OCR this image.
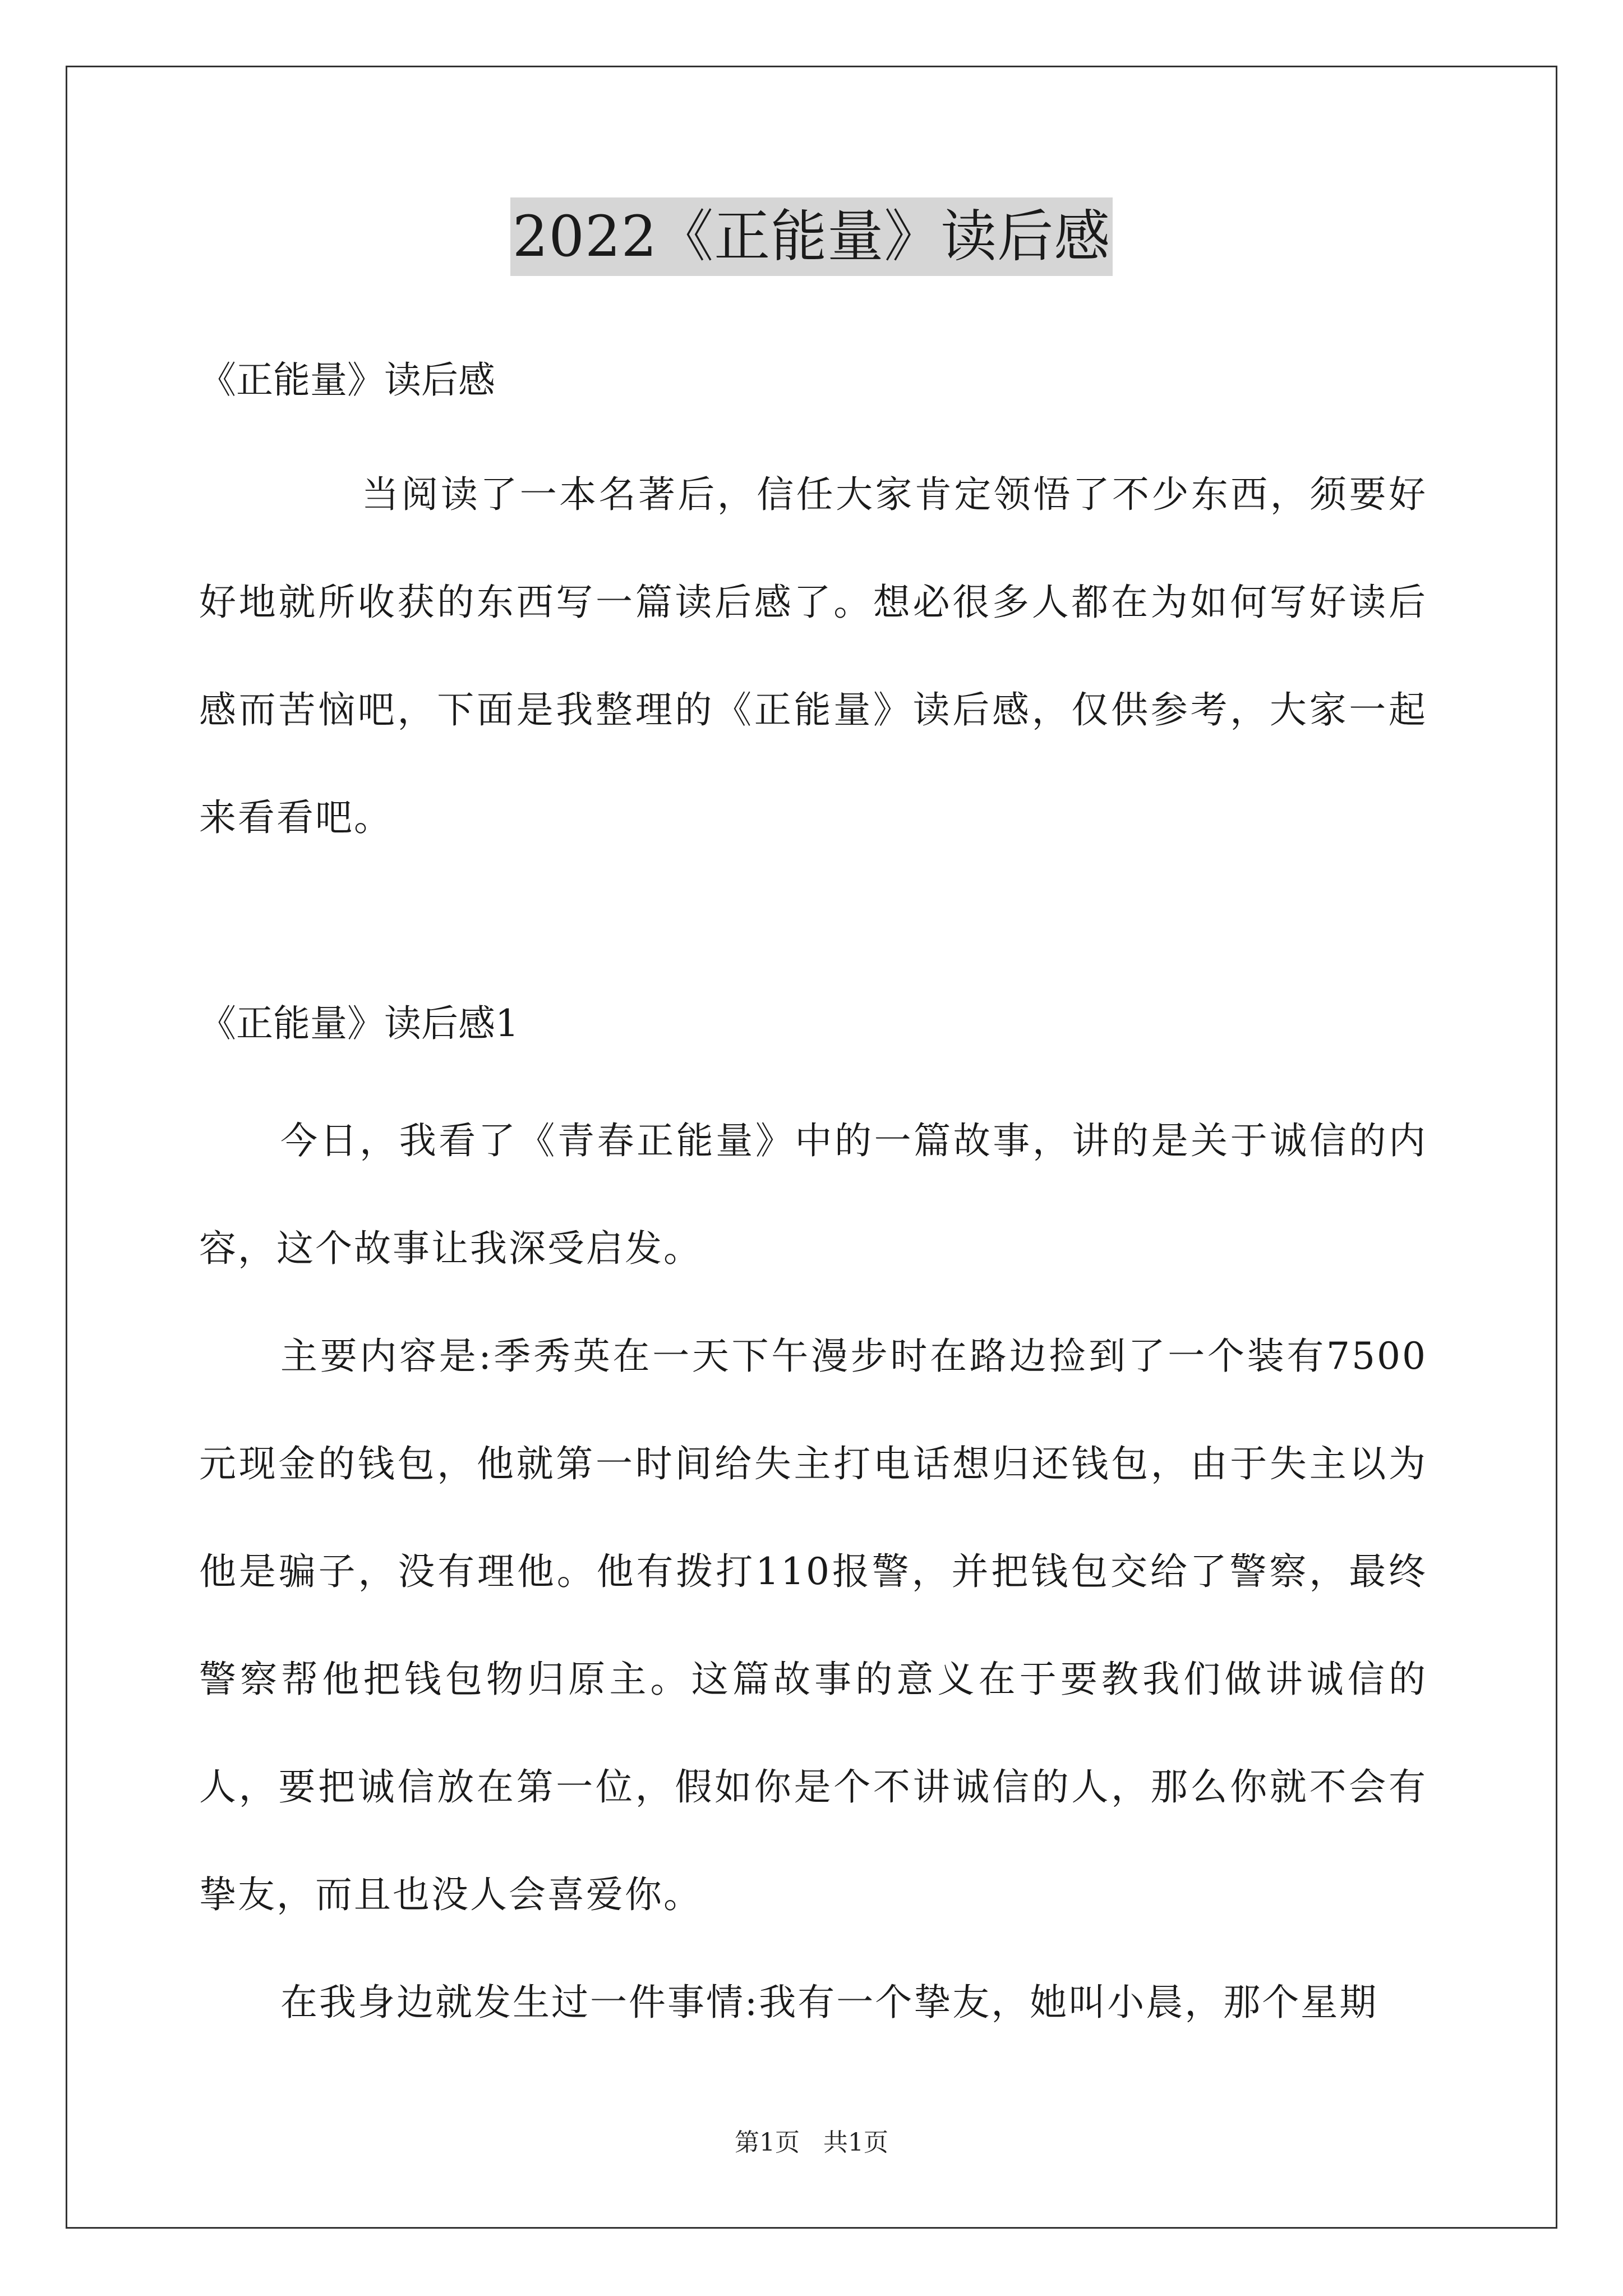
2022《正能量》读后感
《正能量》读后感

当阅读了一本名著后，信任大家肯定领悟了不少东西，须要好好地就所收获的东西写一篇读后感了。想必很多人都在为如何写好读后感而苦恼吧，下面是我整理的《正能量》读后感，仅供参考，大家一起来看看吧。

《正能量》读后感1

今日，我看了《青春正能量》中的一篇故事，讲的是关于诚信的内容，这个故事让我深受启发。

主要内容是:季秀英在一天下午漫步时在路边捡到了一个装有7500元现金的钱包，他就第一时间给失主打电话想归还钱包，由于失主以为他是骗子，没有理他。他有拨打110报警，并把钱包交给了警察，最终警察帮他把钱包物归原主。这篇故事的意义在于要教我们做讲诚信的人，要把诚信放在第一位，假如你是个不讲诚信的人，那么你就不会有挚友，而且也没人会喜爱你。

在我身边就发生过一件事情:我有一个挚友，她叫小晨，那个星期

第1页   共1页
